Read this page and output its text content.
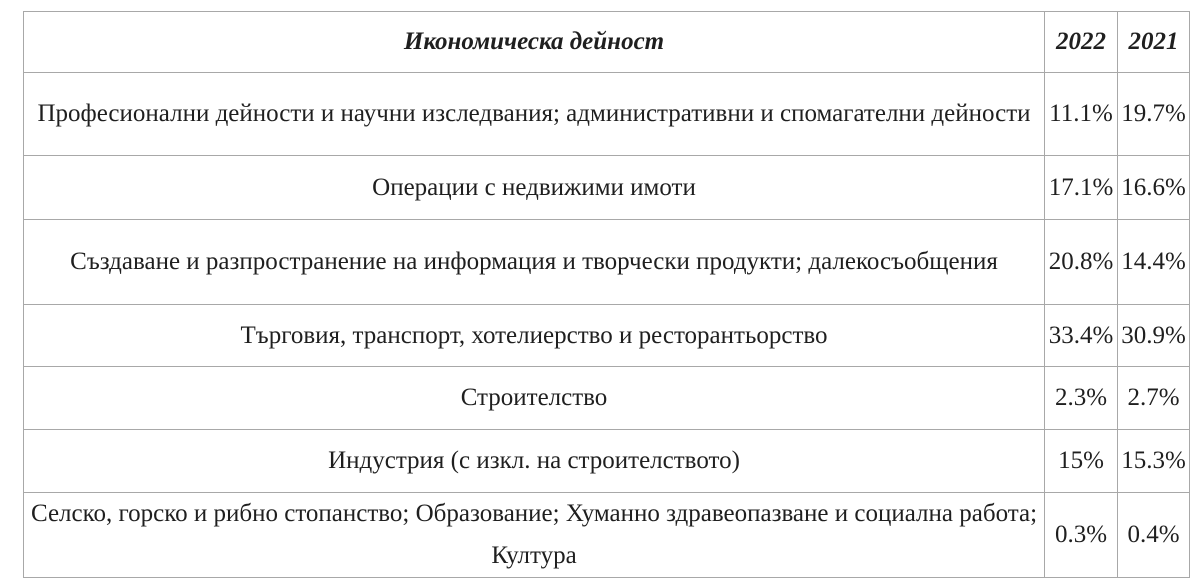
Икономическа дейност	2022	2021
Професионални дейности и научни изследвания; административни и спомагателни дейности	11.1%	19.7%
Операции с недвижими имоти	17.1%	16.6%
Създаване и разпространение на информация и творчески продукти; далекосъобщения	20.8%	14.4%
Търговия, транспорт, хотелиерство и ресторантьорство	33.4%	30.9%
Строителство	2.3%	2.7%
Индустрия (с изкл. на строителството)	15%	15.3%
Селско, горско и рибно стопанство; Образование; Хуманно здравеопазване и социална работа; Култура	0.3%	0.4%
